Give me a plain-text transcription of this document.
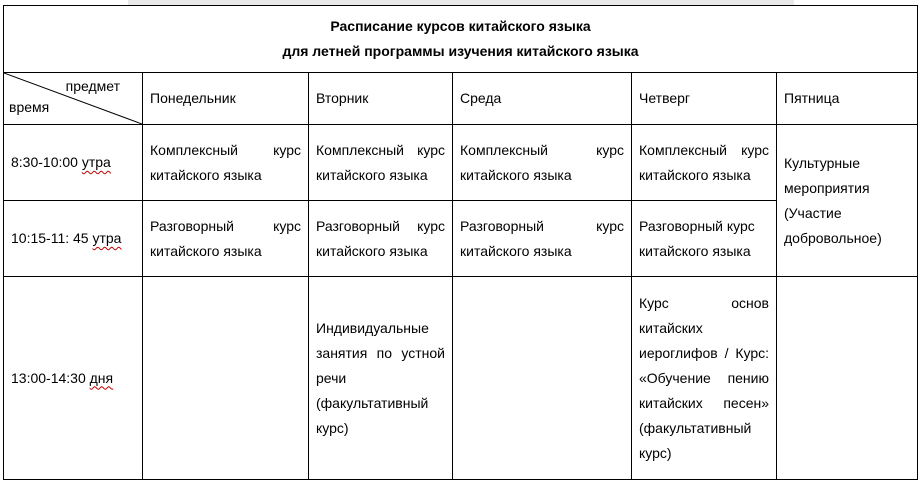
Расписание курсов китайского языка
для летней программы изучения китайского языка					

предмет
время	Понедельник	Вторник	Среда	Четверг	Пятница
8:30-10:00 утра	Комплексный курс китайского языка	Комплексный курс китайского языка	Комплексный курс китайского языка	Комплексный курс китайского языка	Культурные мероприятия (Участие добровольное)
10:15-11: 45 утра	Разговорный курс китайского языка	Разговорный курс китайского языка	Разговорный курс китайского языка	Разговорный курс китайского языка	
13:00-14:30 дня		Индивидуальные занятия по устной речи (факультативный курс)		Курс основ китайских иероглифов / Курс: «Обучение пению китайских песен» (факультативный курс)	
